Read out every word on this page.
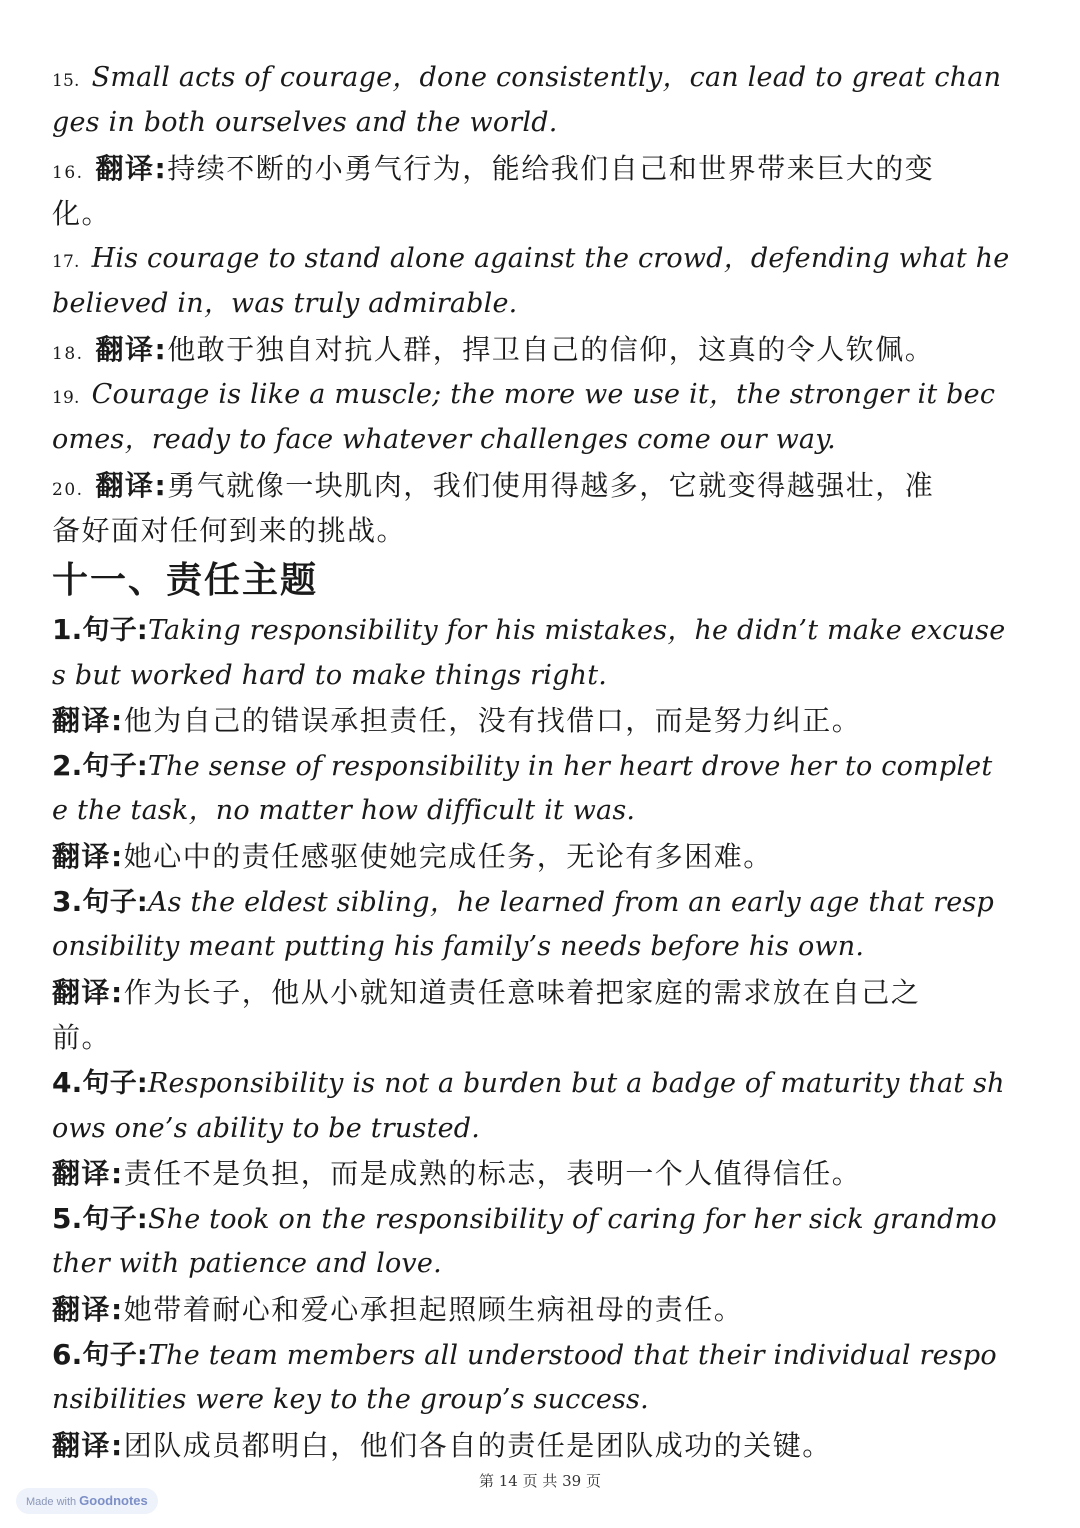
15. Small acts of courage，done consistently，can lead to great chan
ges in both ourselves and the world.
16. 翻译:持续不断的小勇气行为，能给我们自己和世界带来巨大的变
化。
17. His courage to stand alone against the crowd，defending what he
believed in，was truly admirable.
18. 翻译:他敢于独自对抗人群，捍卫自己的信仰，这真的令人钦佩。
19. Courage is like a muscle; the more we use it，the stronger it bec
omes，ready to face whatever challenges come our way.
20. 翻译:勇气就像一块肌肉，我们使用得越多，它就变得越强壮，准
备好面对任何到来的挑战。
十一、责任主题
1.句子:Taking responsibility for his mistakes，he didn’t make excuse
s but worked hard to make things right.
翻译:他为自己的错误承担责任，没有找借口，而是努力纠正。
2.句子:The sense of responsibility in her heart drove her to complet
e the task，no matter how difficult it was.
翻译:她心中的责任感驱使她完成任务，无论有多困难。
3.句子:As the eldest sibling，he learned from an early age that resp
onsibility meant putting his family’s needs before his own.
翻译:作为长子，他从小就知道责任意味着把家庭的需求放在自己之
前。
4.句子:Responsibility is not a burden but a badge of maturity that sh
ows one’s ability to be trusted.
翻译:责任不是负担，而是成熟的标志，表明一个人值得信任。
5.句子:She took on the responsibility of caring for her sick grandmo
ther with patience and love.
翻译:她带着耐心和爱心承担起照顾生病祖母的责任。
6.句子:The team members all understood that their individual respo
nsibilities were key to the group’s success.
翻译:团队成员都明白，他们各自的责任是团队成功的关键。
第 14 页 共 39 页
Made with Goodnotes
